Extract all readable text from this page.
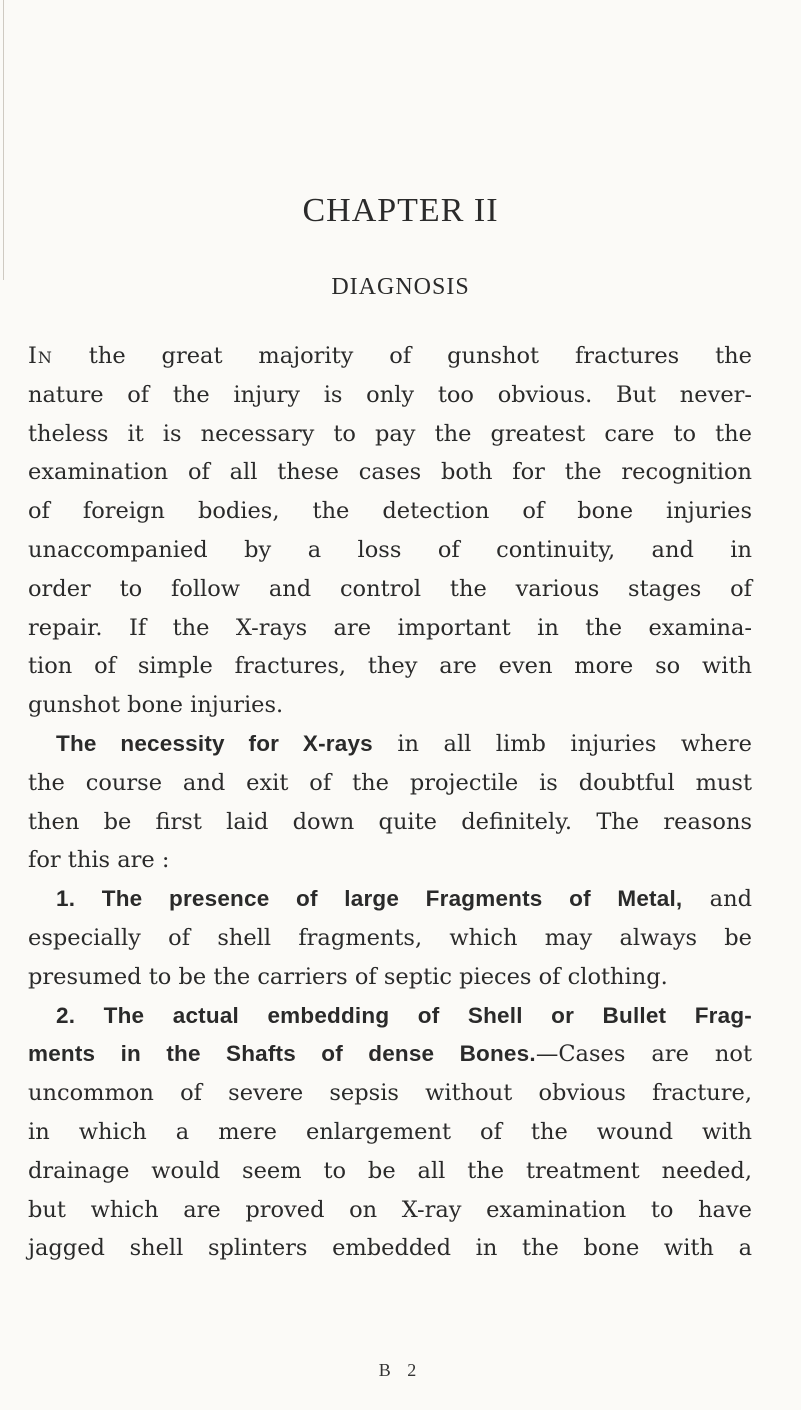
CHAPTER II
DIAGNOSIS
In the great majority of gunshot fractures the
nature of the injury is only too obvious. But never-
theless it is necessary to pay the greatest care to the
examination of all these cases both for the recognition
of foreign bodies, the detection of bone injuries
unaccompanied by a loss of continuity, and in
order to follow and control the various stages of
repair. If the X-rays are important in the examina-
tion of simple fractures, they are even more so with
gunshot bone injuries.
The necessity for X-rays in all limb injuries where
the course and exit of the projectile is doubtful must
then be first laid down quite definitely. The reasons
for this are :
1. The presence of large Fragments of Metal, and
especially of shell fragments, which may always be
presumed to be the carriers of septic pieces of clothing.
2. The actual embedding of Shell or Bullet Frag-
ments in the Shafts of dense Bones.—Cases are not
uncommon of severe sepsis without obvious fracture,
in which a mere enlargement of the wound with
drainage would seem to be all the treatment needed,
but which are proved on X-ray examination to have
jagged shell splinters embedded in the bone with a
B 2
